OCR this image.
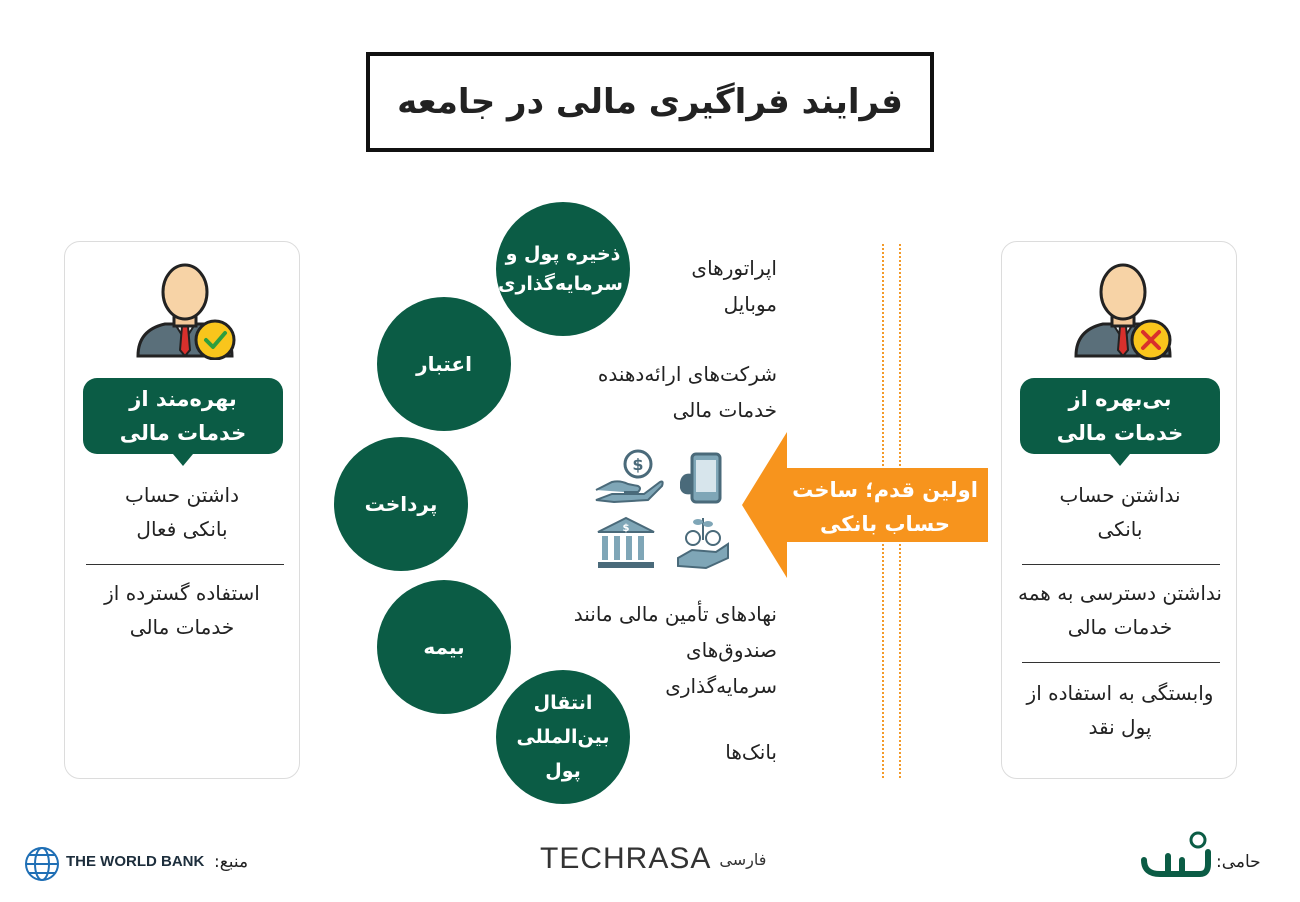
فرایند فراگیری مالی در جامعه
بی‌بهره از خدمات مالی
نداشتن حساب بانکی
نداشتن دسترسی به همه خدمات مالی
وابستگی به استفاده از پول نقد
بهره‌مند از خدمات مالی
داشتن حساب بانکی فعال
استفاده گسترده از خدمات مالی
اولین قدم؛ ساخت حساب بانکی
$
$
ذخیره پول و سرمایه‌گذاری
اعتبار
پرداخت
بیمه
انتقال بین‌المللی پول
اپراتورهای موبایل
شرکت‌های ارائه‌دهنده خدمات مالی
نهادهای تأمین مالی مانند صندوق‌های سرمایه‌گذاری
بانک‌ها
حامی:
TECHRASA فارسی
THE WORLD BANK منبع:
